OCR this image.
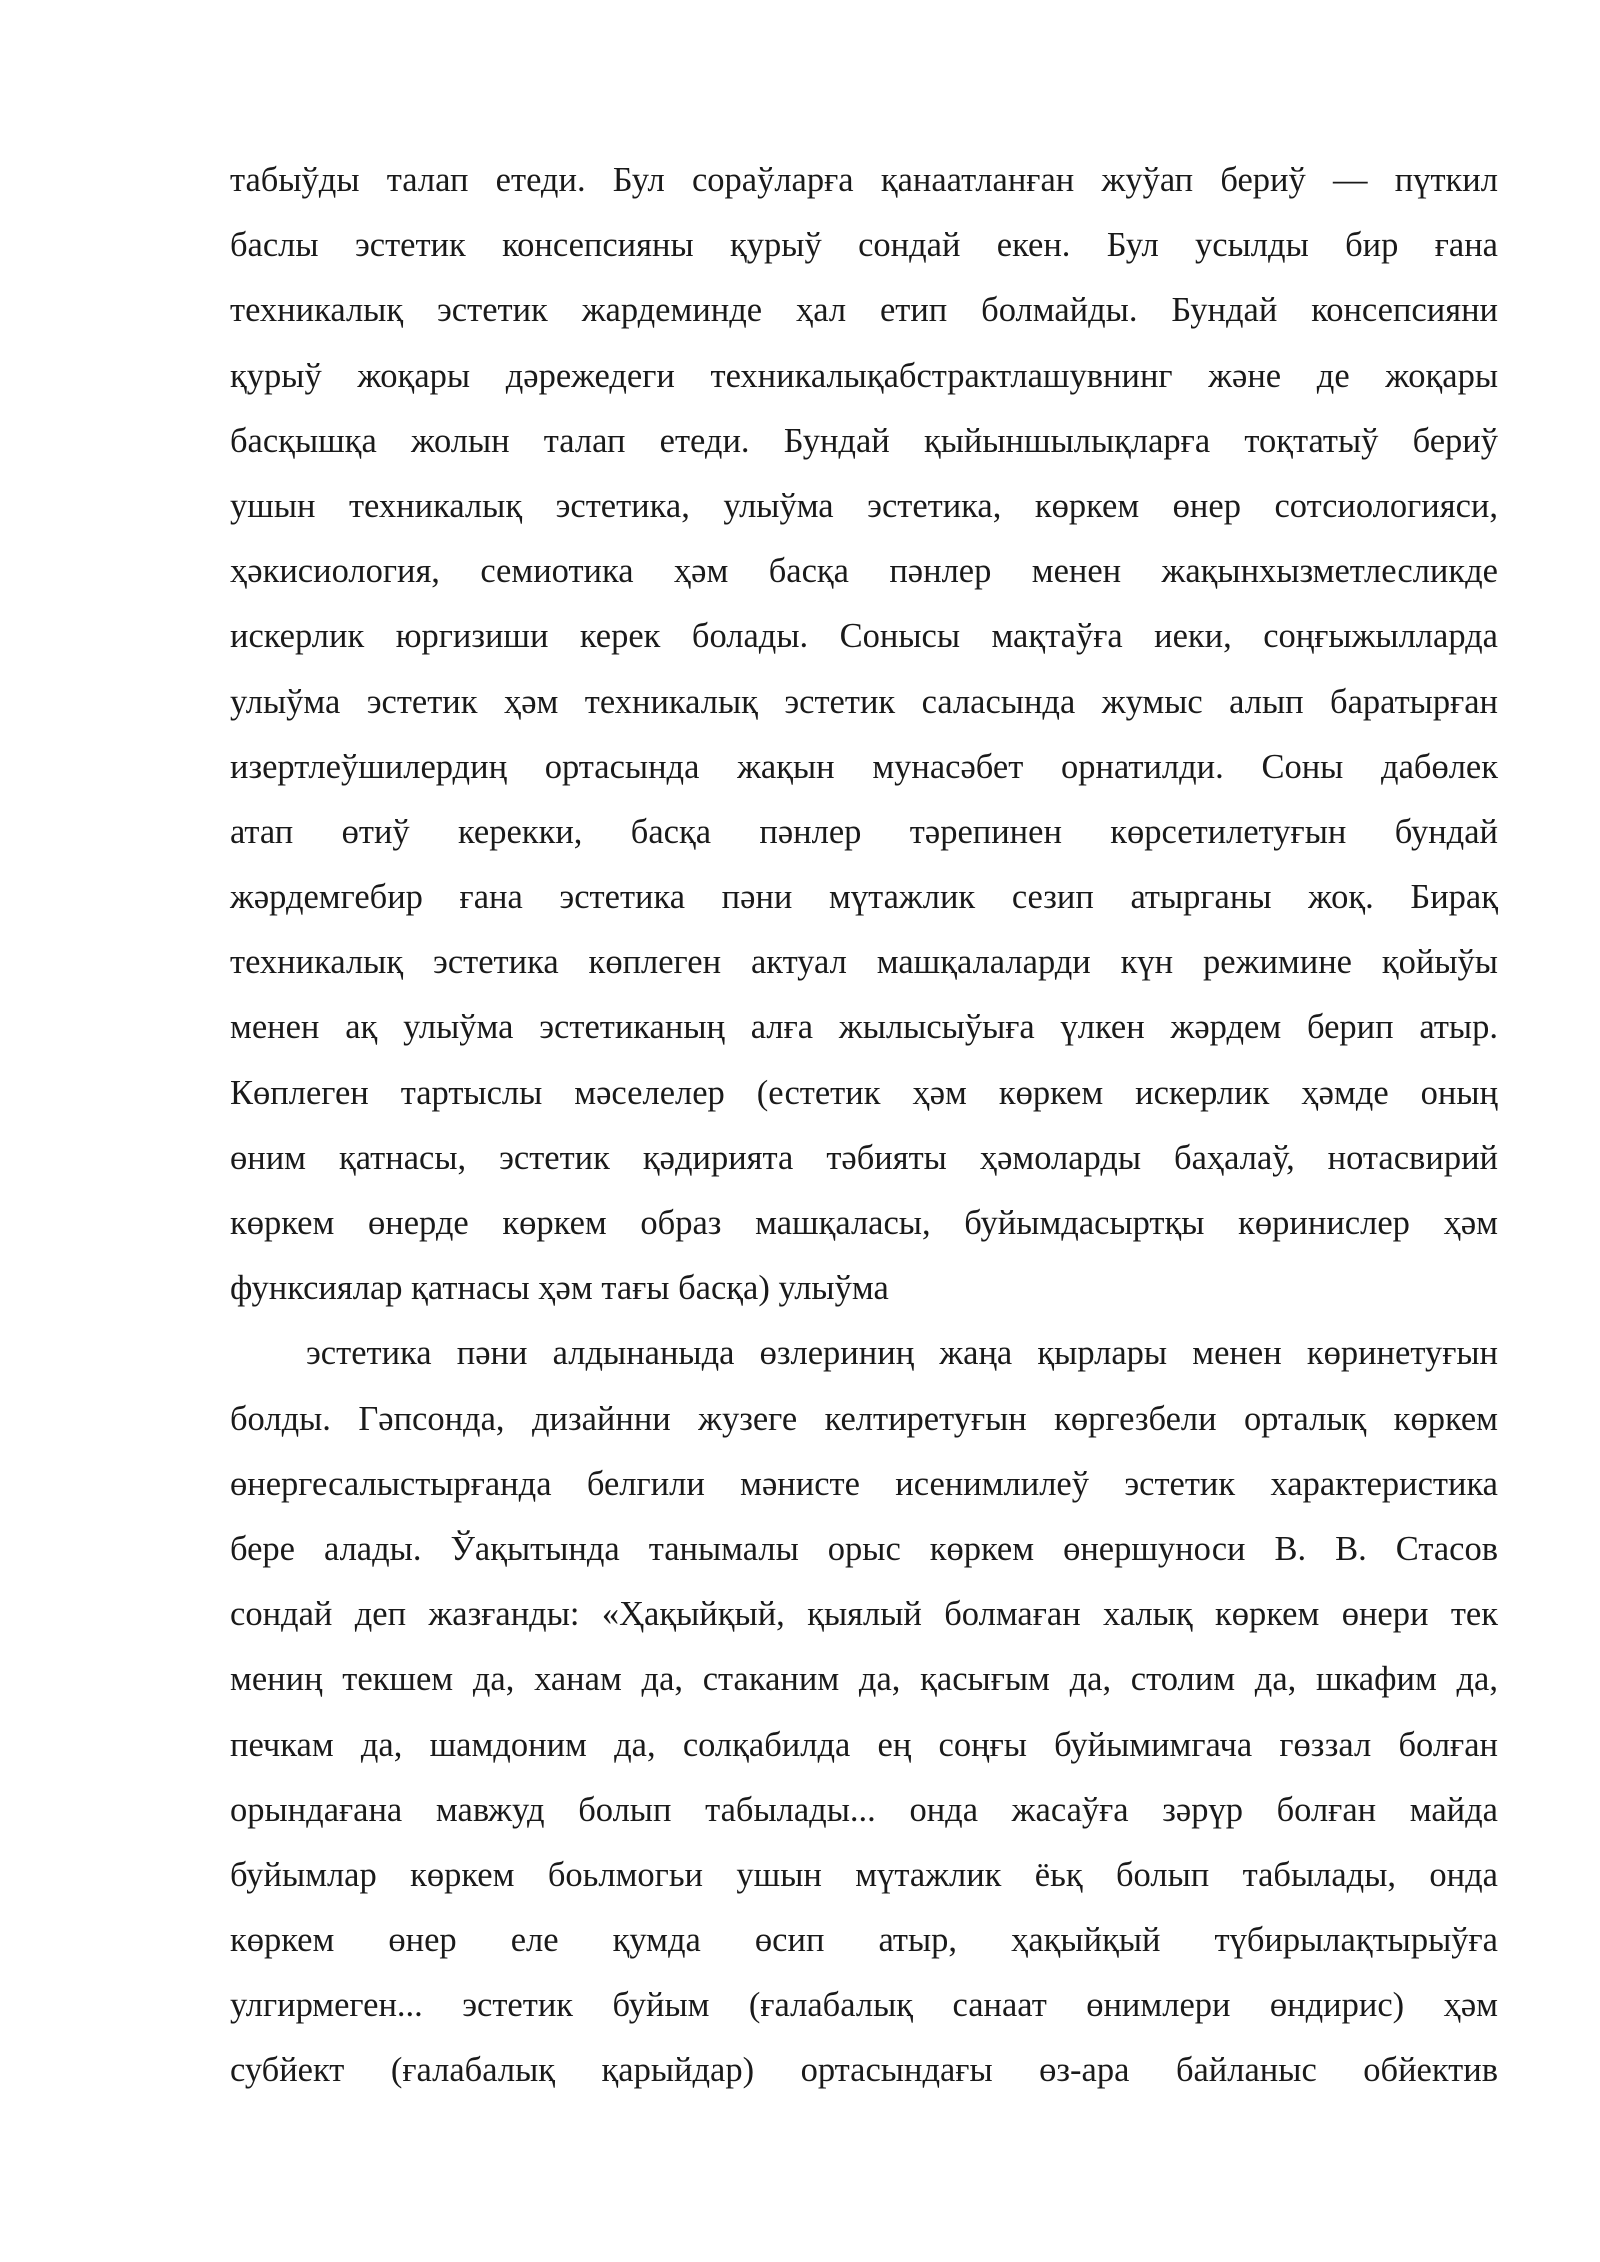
табыўды талап етеди. Бул сораўларға қанаатланған жуўап бериў — пүткил
баслы эстетик консепсияны қурыў сондай екен. Бул усылды бир ғана
техникалық эстетик жардеминде ҳал етип болмайды. Бундай консепсияни
қурыў жоқары дәрежедеги техникалықабстрактлашувнинг және де жоқары
басқышқа жолын талап етеди. Бундай қыйыншылықларға тоқтатыў бериў
ушын техникалық эстетика, улыўма эстетика, көркем өнер сотсиологияси,
ҳәкисиология, семиотика ҳәм басқа пәнлер менен жақынхызметлесликде
искерлик юргизиши керек болады. Сонысы мақтаўға иеки, соңғыжылларда
улыўма эстетик ҳәм техникалық эстетик саласында жумыс алып баратырған
изертлеўшилердиң ортасында жақын мунасәбет орнатилди. Соны дабөлек
атап өтиў керекки, басқа пәнлер тәрепинен көрсетилетуғын бундай
жәрдемгебир ғана эстетика пәни мүтажлик сезип атырганы жоқ. Бирақ
техникалық эстетика көплеген актуал машқалаларди күн режимине қойыўы
менен ақ улыўма эстетиканың алға жылысыўыға үлкен жәрдем берип атыр.
Көплеген тартыслы мәселелер (естетик ҳәм көркем искерлик ҳәмде оның
өним қатнасы, эстетик қәдирията тәбияты ҳәмоларды баҳалаў, нотасвирий
көркем өнерде көркем образ машқаласы, буйымдасыртқы көринислер ҳәм
функсиялар қатнасы ҳәм тағы басқа) улыўма
эстетика пәни алдынаныда өзлериниң жаңа қырлары менен көринетуғын
болды. Гәпсонда, дизайнни жузеге келтиретуғын көргезбели орталық көркем
өнергесалыстырғанда белгили мәнисте исенимлилеў эстетик характеристика
бере алады. Ўақытында танымалы орыс көркем өнершуноси В. В. Стасов
сондай деп жазғанды: «Ҳақыйқый, қыялый болмаған халық көркем өнери тек
мениң текшем да, ханам да, стаканим да, қасығым да, столим да, шкафим да,
печкам да, шамдоним да, солқабилда ең соңғы буйымимгача гөззал болған
орындағана мавжуд болып табылады... онда жасаўға зәрүр болған майда
буйымлар көркем боьлмогьи ушын мүтажлик ёьқ болып табылады, онда
көркем өнер еле қумда өсип атыр, ҳақыйқый түбирылақтырыўға
улгирмеген... эстетик буйым (ғалабалық санаат өнимлери өндирис) ҳәм
субйект (ғалабалық қарыйдар) ортасындағы өз-ара байланыс обйектив
